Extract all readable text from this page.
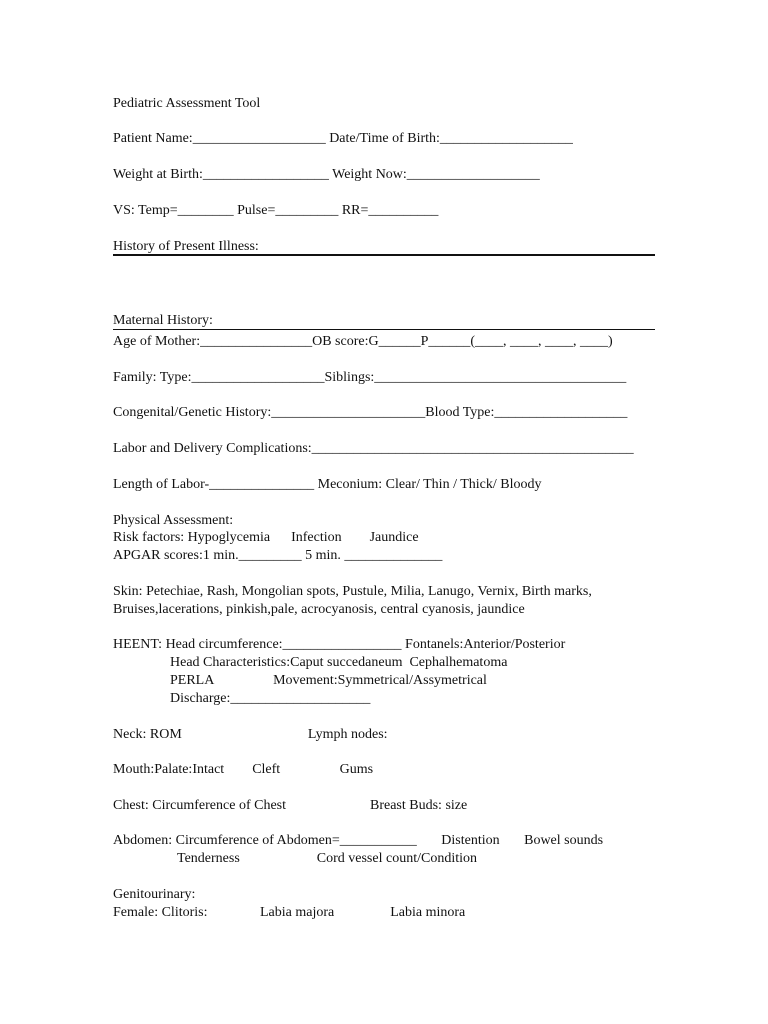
Pediatric Assessment Tool
Patient Name:___________________ Date/Time of Birth:___________________
Weight at Birth:__________________ Weight Now:___________________
VS: Temp=________ Pulse=_________ RR=__________
History of Present Illness:
Maternal History:
Age of Mother:________________OB score:G______P______(____, ____, ____, ____)
Family: Type:___________________Siblings:____________________________________
Congenital/Genetic History:______________________Blood Type:___________________
Labor and Delivery Complications:______________________________________________
Length of Labor-_______________ Meconium: Clear/ Thin / Thick/ Bloody
Physical Assessment:
Risk factors: Hypoglycemia      Infection        Jaundice
APGAR scores:1 min._________ 5 min. ______________
Skin: Petechiae, Rash, Mongolian spots, Pustule, Milia, Lanugo, Vernix, Birth marks,
Bruises,lacerations, pinkish,pale, acrocyanosis, central cyanosis, jaundice
HEENT: Head circumference:_________________ Fontanels:Anterior/Posterior
Head Characteristics:Caput succedaneum  Cephalhematoma
PERLA                 Movement:Symmetrical/Assymetrical
Discharge:____________________
Neck: ROM                                    Lymph nodes:
Mouth:Palate:Intact        Cleft                 Gums
Chest: Circumference of Chest                        Breast Buds: size
Abdomen: Circumference of Abdomen=___________       Distention       Bowel sounds
Tenderness                      Cord vessel count/Condition
Genitourinary:
Female: Clitoris:               Labia majora                Labia minora
